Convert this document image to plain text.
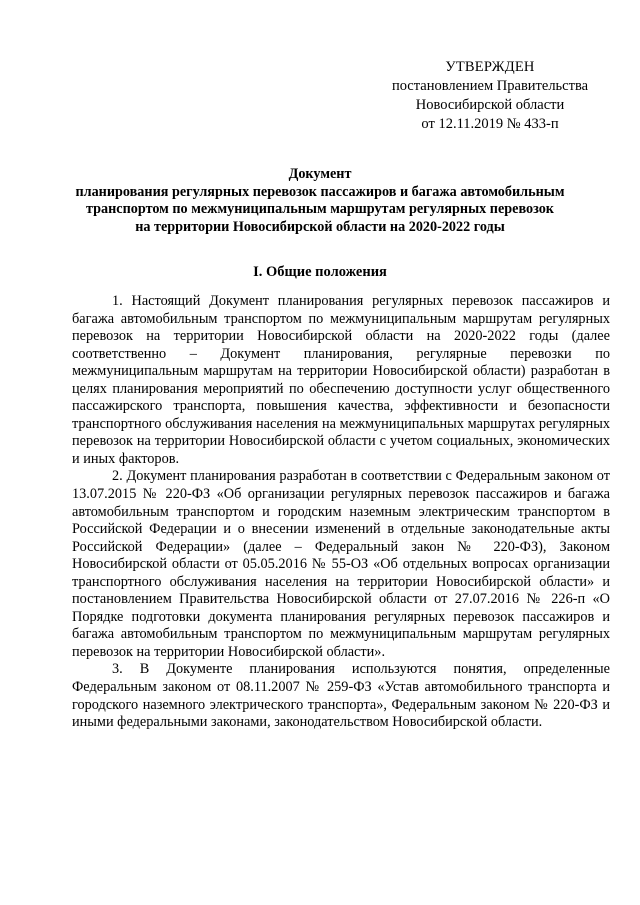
УТВЕРЖДЕН
постановлением Правительства
Новосибирской области
от 12.11.2019 № 433-п
Документ
планирования регулярных перевозок пассажиров и багажа автомобильным
транспортом по межмуниципальным маршрутам регулярных перевозок
на территории Новосибирской области на 2020-2022 годы
I. Общие положения

1. Настоящий Документ планирования регулярных перевозок пассажиров и багажа автомобильным транспортом по межмуниципальным маршрутам регулярных перевозок на территории Новосибирской области на 2020-2022 годы (далее соответственно – Документ планирования, регулярные перевозки по межмуниципальным маршрутам на территории Новосибирской области) разработан в целях планирования мероприятий по обеспечению доступности услуг общественного пассажирского транспорта, повышения качества, эффективности и безопасности транспортного обслуживания населения на межмуниципальных маршрутах регулярных перевозок на территории Новосибирской области с учетом социальных, экономических и иных факторов.

2. Документ планирования разработан в соответствии с Федеральным законом от 13.07.2015 № 220-ФЗ «Об организации регулярных перевозок пассажиров и багажа автомобильным транспортом и городским наземным электрическим транспортом в Российской Федерации и о внесении изменений в отдельные законодательные акты Российской Федерации» (далее – Федеральный закон № 220-ФЗ), Законом Новосибирской области от 05.05.2016 № 55-ОЗ «Об отдельных вопросах организации транспортного обслуживания населения на территории Новосибирской области» и постановлением Правительства Новосибирской области от 27.07.2016 № 226-п «О Порядке подготовки документа планирования регулярных перевозок пассажиров и багажа автомобильным транспортом по межмуниципальным маршрутам регулярных перевозок на территории Новосибирской области».

3. В Документе планирования используются понятия, определенные Федеральным законом от 08.11.2007 № 259-ФЗ «Устав автомобильного транспорта и городского наземного электрического транспорта», Федеральным законом № 220-ФЗ и иными федеральными законами, законодательством Новосибирской области.
